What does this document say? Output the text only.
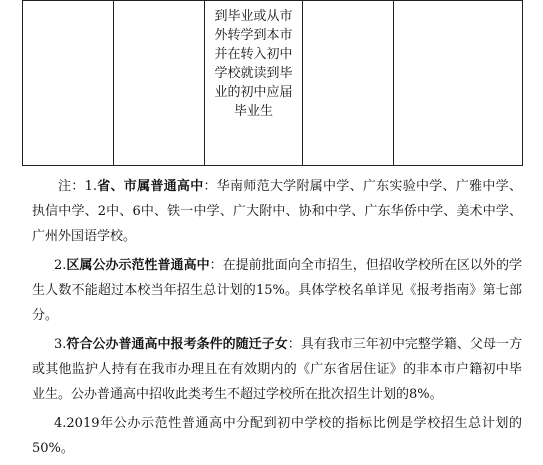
到毕业或从市
外转学到本市
并在转入初中
学校就读到毕
业的初中应届
毕业生

注：1.省、市属普通高中：华南师范大学附属中学、广东实验中学、广雅中学、执信中学、2中、6中、铁一中学、广大附中、协和中学、广东华侨中学、美术中学、广州外国语学校。

2.区属公办示范性普通高中：在提前批面向全市招生，但招收学校所在区以外的学生人数不能超过本校当年招生总计划的15%。具体学校名单详见《报考指南》第七部分。

3.符合公办普通高中报考条件的随迁子女：具有我市三年初中完整学籍、父母一方或其他监护人持有在我市办理且在有效期内的《广东省居住证》的非本市户籍初中毕业生。公办普通高中招收此类考生不超过学校所在批次招生计划的8%。

4.2019年公办示范性普通高中分配到初中学校的指标比例是学校招生总计划的50%。
